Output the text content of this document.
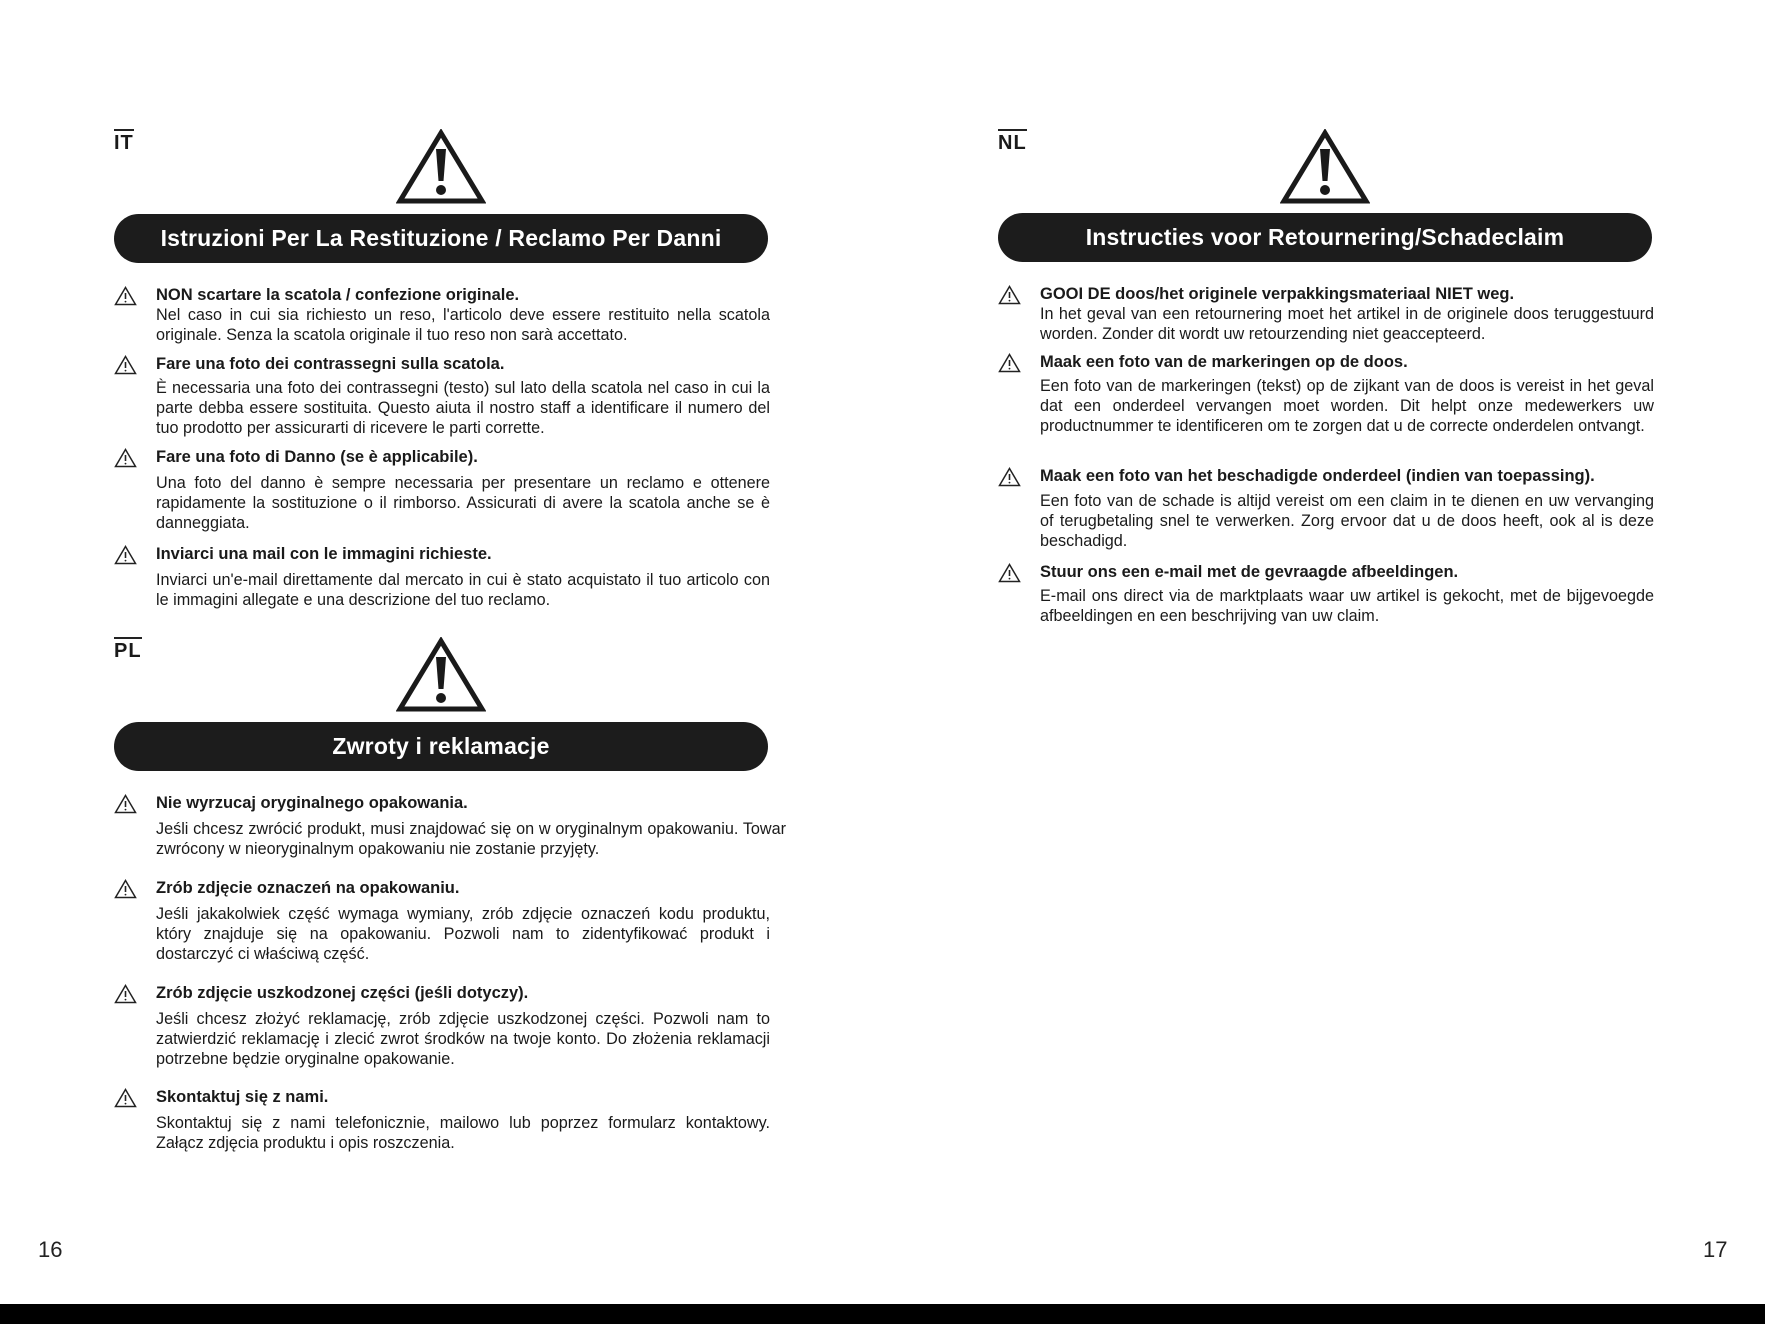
IT
Istruzioni Per La Restituzione / Reclamo Per Danni
NON scartare la scatola / confezione originale.
Nel caso in cui sia richiesto un reso, l'articolo deve essere restituito nella scatola originale. Senza la scatola originale il tuo reso non sarà accettato.
Fare una foto dei contrassegni sulla scatola.
È necessaria una foto dei contrassegni (testo) sul lato della scatola nel caso in cui la parte debba essere sostituita. Questo aiuta il nostro staff a identificare il numero del tuo prodotto per assicurarti di ricevere le parti corrette.
Fare una foto di Danno (se è applicabile).
Una foto del danno è sempre necessaria per presentare un reclamo e ottenere rapidamente la sostituzione o il rimborso. Assicurati di avere la scatola anche se è danneggiata.
Inviarci una mail con le immagini richieste.
Inviarci un'e-mail direttamente dal mercato in cui è stato acquistato il tuo articolo con le immagini allegate e una descrizione del tuo reclamo.
PL
Zwroty i reklamacje
Nie wyrzucaj oryginalnego opakowania.
Jeśli chcesz zwrócić produkt, musi znajdować się on w oryginalnym opakowaniu. Towar zwrócony w nieoryginalnym opakowaniu nie zostanie przyjęty.
Zrób zdjęcie oznaczeń na opakowaniu.
Jeśli jakakolwiek część wymaga wymiany, zrób zdjęcie oznaczeń kodu produktu, który znajduje się na opakowaniu. Pozwoli nam to zidentyfikować produkt i dostarczyć ci właściwą część.
Zrób zdjęcie uszkodzonej części (jeśli dotyczy).
Jeśli chcesz złożyć reklamację, zrób zdjęcie uszkodzonej części. Pozwoli nam to zatwierdzić reklamację i zlecić zwrot środków na twoje konto. Do złożenia reklamacji potrzebne będzie oryginalne opakowanie.
Skontaktuj się z nami.
Skontaktuj się z nami telefonicznie, mailowo lub poprzez formularz kontaktowy. Załącz zdjęcia produktu i opis roszczenia.
NL
Instructies voor Retournering/Schadeclaim
GOOI DE doos/het originele verpakkingsmateriaal NIET weg.
In het geval van een retournering moet het artikel in de originele doos teruggestuurd worden. Zonder dit wordt uw retourzending niet geaccepteerd.
Maak een foto van de markeringen op de doos.
Een foto van de markeringen (tekst) op de zijkant van de doos is vereist in het geval dat een onderdeel vervangen moet worden. Dit helpt onze medewerkers uw productnummer te identificeren om te zorgen dat u de correcte onderdelen ontvangt.
Maak een foto van het beschadigde onderdeel (indien van toepassing).
Een foto van de schade is altijd vereist om een claim in te dienen en uw vervanging of terugbetaling snel te verwerken. Zorg ervoor dat u de doos heeft, ook al is deze beschadigd.
Stuur ons een e-mail met de gevraagde afbeeldingen.
E-mail ons direct via de marktplaats waar uw artikel is gekocht, met de bijgevoegde afbeeldingen en een beschrijving van uw claim.
16	17
